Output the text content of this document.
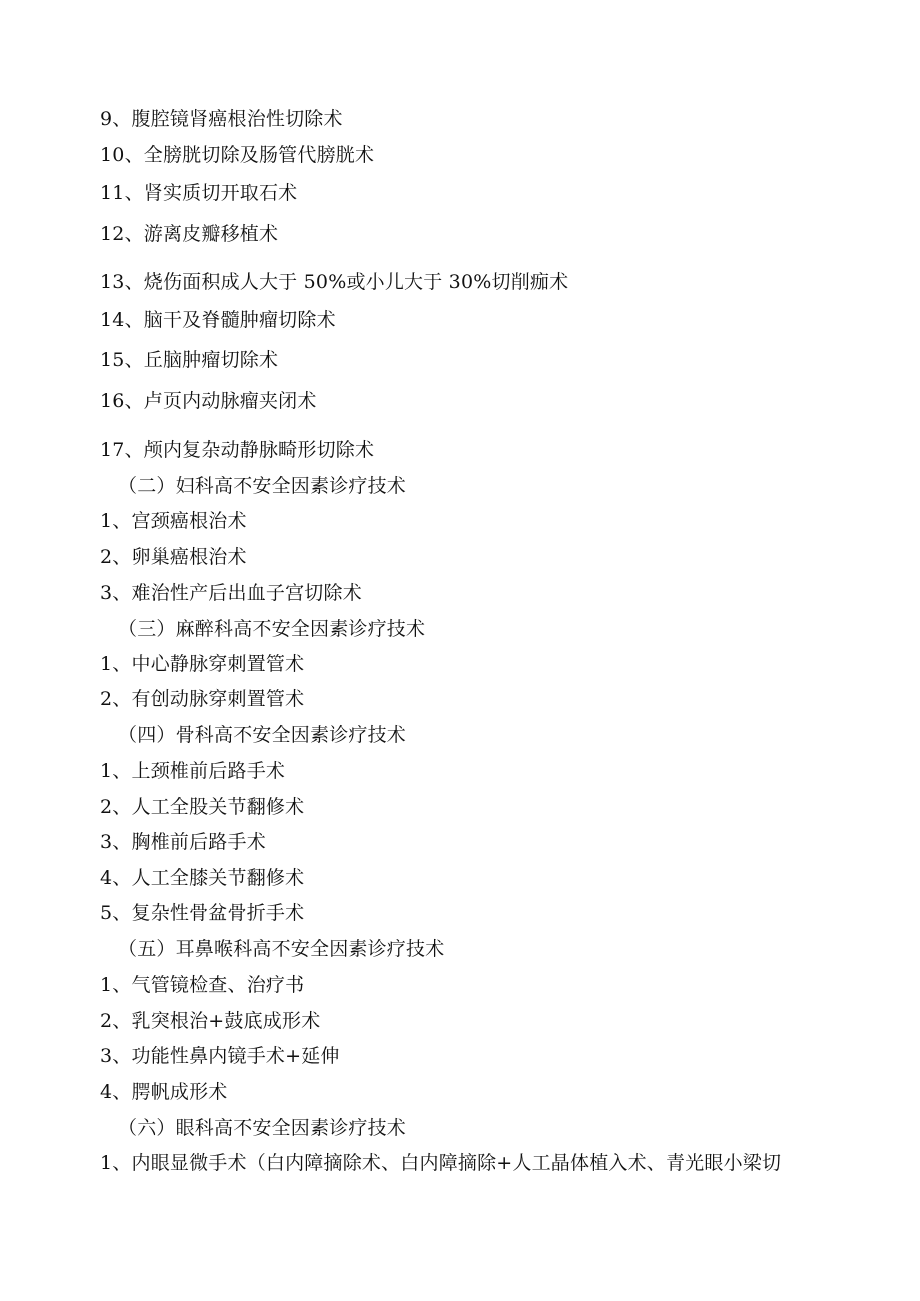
9、腹腔镜肾癌根治性切除术
10、全膀胱切除及肠管代膀胱术
11、肾实质切开取石术
12、游离皮瓣移植术
13、烧伤面积成人大于 50%或小儿大于 30%切削痂术
14、脑干及脊髓肿瘤切除术
15、丘脑肿瘤切除术
16、卢页内动脉瘤夹闭术
17、颅内复杂动静脉畸形切除术
（二）妇科高不安全因素诊疗技术
1、宫颈癌根治术
2、卵巢癌根治术
3、难治性产后出血子宫切除术
（三）麻醉科高不安全因素诊疗技术
1、中心静脉穿刺置管术
2、有创动脉穿刺置管术
（四）骨科高不安全因素诊疗技术
1、上颈椎前后路手术
2、人工全股关节翻修术
3、胸椎前后路手术
4、人工全膝关节翻修术
5、复杂性骨盆骨折手术
（五）耳鼻喉科高不安全因素诊疗技术
1、气管镜检查、治疗书
2、乳突根治+鼓底成形术
3、功能性鼻内镜手术+延伸
4、腭帆成形术
（六）眼科高不安全因素诊疗技术
1、内眼显微手术（白内障摘除术、白内障摘除+人工晶体植入术、青光眼小梁切
